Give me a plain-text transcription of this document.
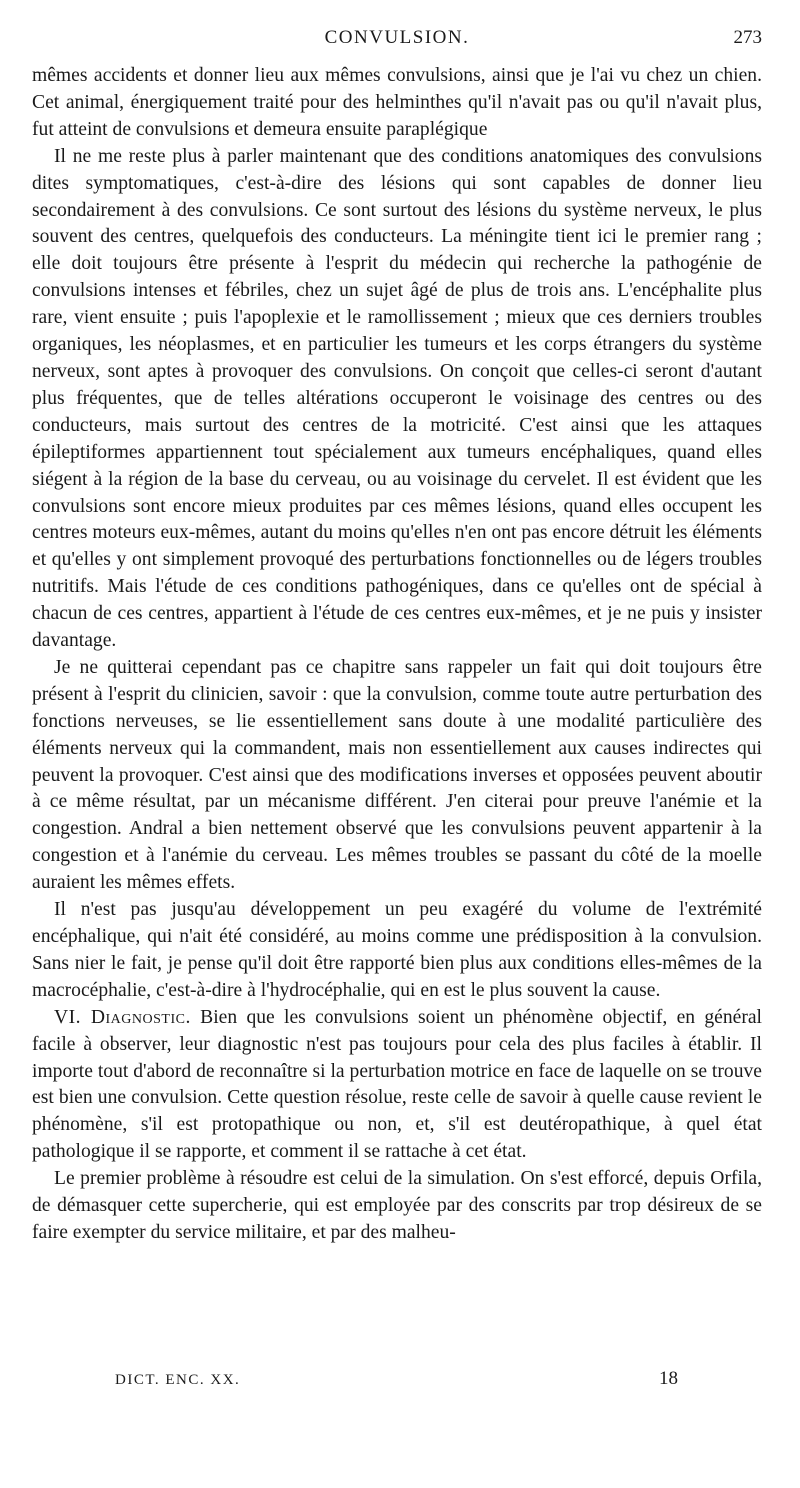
CONVULSION.	273

mêmes accidents et donner lieu aux mêmes convulsions, ainsi que je l'ai vu chez un chien. Cet animal, énergiquement traité pour des helminthes qu'il n'avait pas ou qu'il n'avait plus, fut atteint de convulsions et demeura ensuite paraplégique

Il ne me reste plus à parler maintenant que des conditions anatomiques des convulsions dites symptomatiques, c'est-à-dire des lésions qui sont capables de donner lieu secondairement à des convulsions. Ce sont surtout des lésions du système nerveux, le plus souvent des centres, quelquefois des conducteurs. La méningite tient ici le premier rang ; elle doit toujours être présente à l'esprit du médecin qui recherche la pathogénie de convulsions intenses et fébriles, chez un sujet âgé de plus de trois ans. L'encéphalite plus rare, vient ensuite ; puis l'apoplexie et le ramollissement ; mieux que ces derniers troubles organiques, les néoplasmes, et en particulier les tumeurs et les corps étrangers du système nerveux, sont aptes à provoquer des convulsions. On conçoit que celles-ci seront d'autant plus fréquentes, que de telles altérations occuperont le voisinage des centres ou des conducteurs, mais surtout des centres de la motricité. C'est ainsi que les attaques épileptiformes appartiennent tout spécialement aux tumeurs encéphaliques, quand elles siégent à la région de la base du cerveau, ou au voisinage du cervelet. Il est évident que les convulsions sont encore mieux produites par ces mêmes lésions, quand elles occupent les centres moteurs eux-mêmes, autant du moins qu'elles n'en ont pas encore détruit les éléments et qu'elles y ont simplement provoqué des perturbations fonctionnelles ou de légers troubles nutritifs. Mais l'étude de ces conditions pathogéniques, dans ce qu'elles ont de spécial à chacun de ces centres, appartient à l'étude de ces centres eux-mêmes, et je ne puis y insister davantage.

Je ne quitterai cependant pas ce chapitre sans rappeler un fait qui doit toujours être présent à l'esprit du clinicien, savoir : que la convulsion, comme toute autre perturbation des fonctions nerveuses, se lie essentiellement sans doute à une modalité particulière des éléments nerveux qui la commandent, mais non essentiellement aux causes indirectes qui peuvent la provoquer. C'est ainsi que des modifications inverses et opposées peuvent aboutir à ce même résultat, par un mécanisme différent. J'en citerai pour preuve l'anémie et la congestion. Andral a bien nettement observé que les convulsions peuvent appartenir à la congestion et à l'anémie du cerveau. Les mêmes troubles se passant du côté de la moelle auraient les mêmes effets.

Il n'est pas jusqu'au développement un peu exagéré du volume de l'extrémité encéphalique, qui n'ait été considéré, au moins comme une prédisposition à la convulsion. Sans nier le fait, je pense qu'il doit être rapporté bien plus aux conditions elles-mêmes de la macrocéphalie, c'est-à-dire à l'hydrocéphalie, qui en est le plus souvent la cause.

VI. Diagnostic. Bien que les convulsions soient un phénomène objectif, en général facile à observer, leur diagnostic n'est pas toujours pour cela des plus faciles à établir. Il importe tout d'abord de reconnaître si la perturbation motrice en face de laquelle on se trouve est bien une convulsion. Cette question résolue, reste celle de savoir à quelle cause revient le phénomène, s'il est protopathique ou non, et, s'il est deutéropathique, à quel état pathologique il se rapporte, et comment il se rattache à cet état.

Le premier problème à résoudre est celui de la simulation. On s'est efforcé, depuis Orfila, de démasquer cette supercherie, qui est employée par des conscrits par trop désireux de se faire exempter du service militaire, et par des malheu-

DICT. ENC. XX.	18
